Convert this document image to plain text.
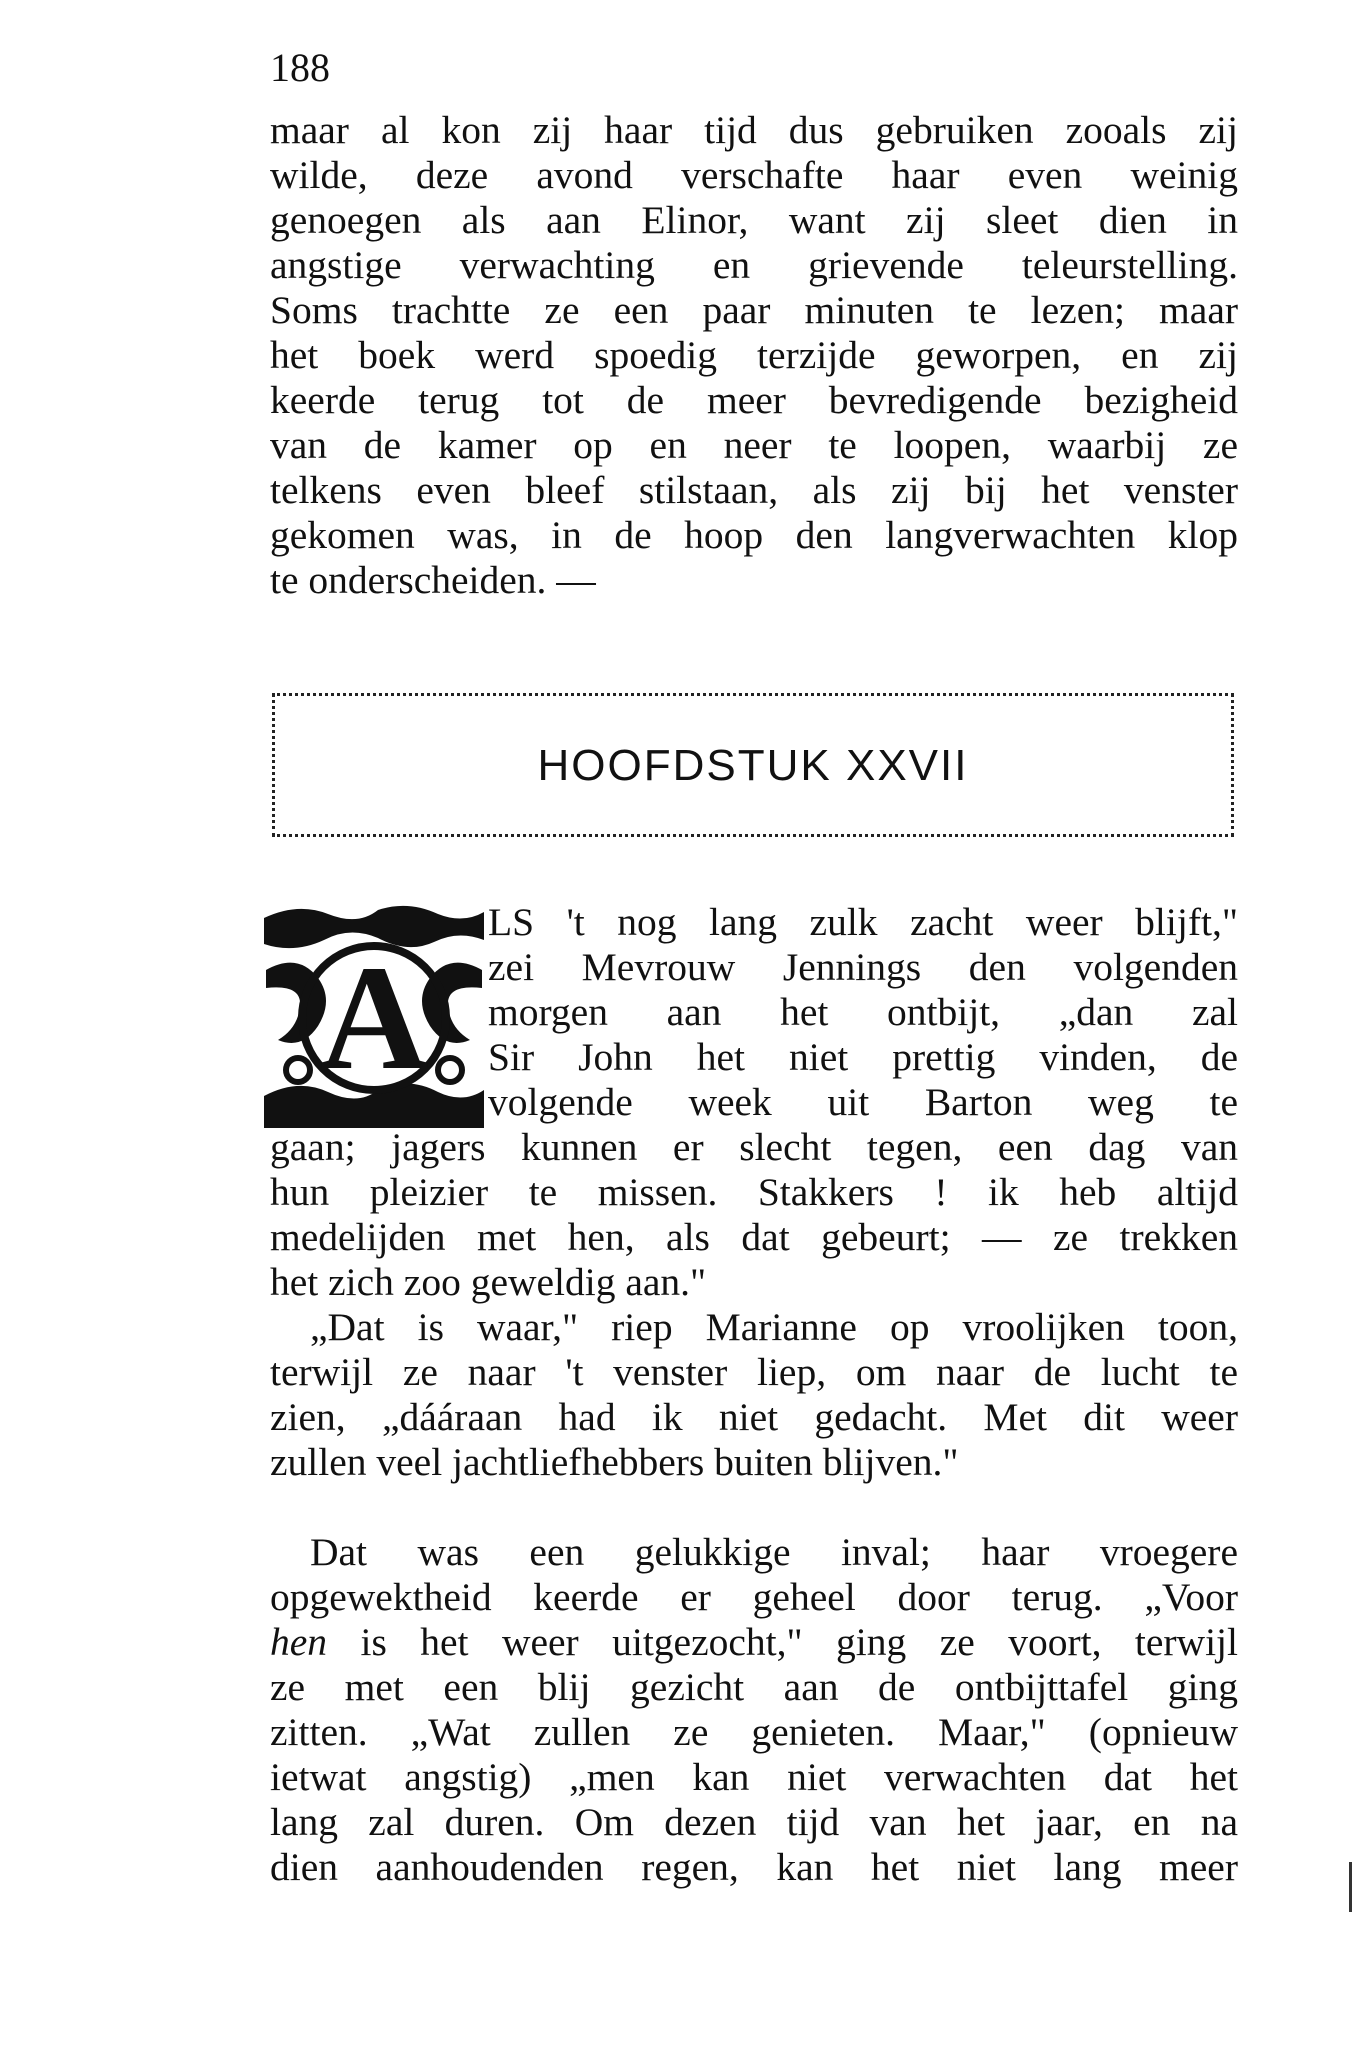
188
maar al kon zij haar tijd dus gebruiken zooals zij
wilde, deze avond verschafte haar even weinig
genoegen als aan Elinor, want zij sleet dien in
angstige verwachting en grievende teleurstelling.
Soms trachtte ze een paar minuten te lezen; maar
het boek werd spoedig terzijde geworpen, en zij
keerde terug tot de meer bevredigende bezigheid
van de kamer op en neer te loopen, waarbij ze
telkens even bleef stilstaan, als zij bij het venster
gekomen was, in de hoop den langverwachten klop
te onderscheiden. —
HOOFDSTUK XXVII
A
LS 't nog lang zulk zacht weer blijft,"
zei Mevrouw Jennings den volgenden
morgen aan het ontbijt, „dan zal
Sir John het niet prettig vinden, de
volgende week uit Barton weg te
gaan; jagers kunnen er slecht tegen, een dag van
hun pleizier te missen. Stakkers ! ik heb altijd
medelijden met hen, als dat gebeurt; — ze trekken
het zich zoo geweldig aan."
„Dat is waar," riep Marianne op vroolijken toon,
terwijl ze naar 't venster liep, om naar de lucht te
zien, „dááraan had ik niet gedacht. Met dit weer
zullen veel jachtliefhebbers buiten blijven."
Dat was een gelukkige inval; haar vroegere
opgewektheid keerde er geheel door terug. „Voor
hen is het weer uitgezocht," ging ze voort, terwijl
ze met een blij gezicht aan de ontbijttafel ging
zitten. „Wat zullen ze genieten. Maar," (opnieuw
ietwat angstig) „men kan niet verwachten dat het
lang zal duren. Om dezen tijd van het jaar, en na
dien aanhoudenden regen, kan het niet lang meer
